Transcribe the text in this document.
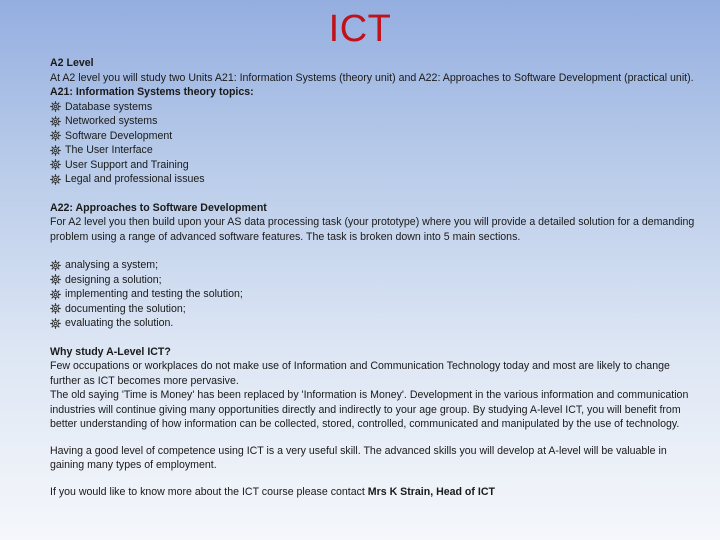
ICT

A2 Level

At A2 level you will study two Units A21: Information Systems (theory unit) and A22: Approaches to Software Development (practical unit).

A21: Information Systems theory topics:

Database systems
Networked systems
Software Development
The User Interface
User Support and Training
Legal and professional issues

A22: Approaches to Software Development

For A2 level you then build upon your AS data processing task (your prototype) where you will provide a detailed solution for a demanding problem using a range of advanced software features. The task is broken down into 5 main sections.

analysing a system;
designing a solution;
implementing and testing the solution;
documenting the solution;
evaluating the solution.

Why study A-Level ICT?

Few occupations or workplaces do not make use of Information and Communication Technology today and most are likely to change further as ICT becomes more pervasive.

The old saying 'Time is Money' has been replaced by 'Information is Money'. Development in the various information and communication industries will continue giving many opportunities directly and indirectly to your age group. By studying A-level ICT, you will benefit from better understanding of how information can be collected, stored, controlled, communicated and manipulated by the use of technology.

Having a good level of competence using ICT is a very useful skill. The advanced skills you will develop at A-level will be valuable in gaining many types of employment.

If you would like to know more about the ICT course please contact Mrs K Strain, Head of ICT
